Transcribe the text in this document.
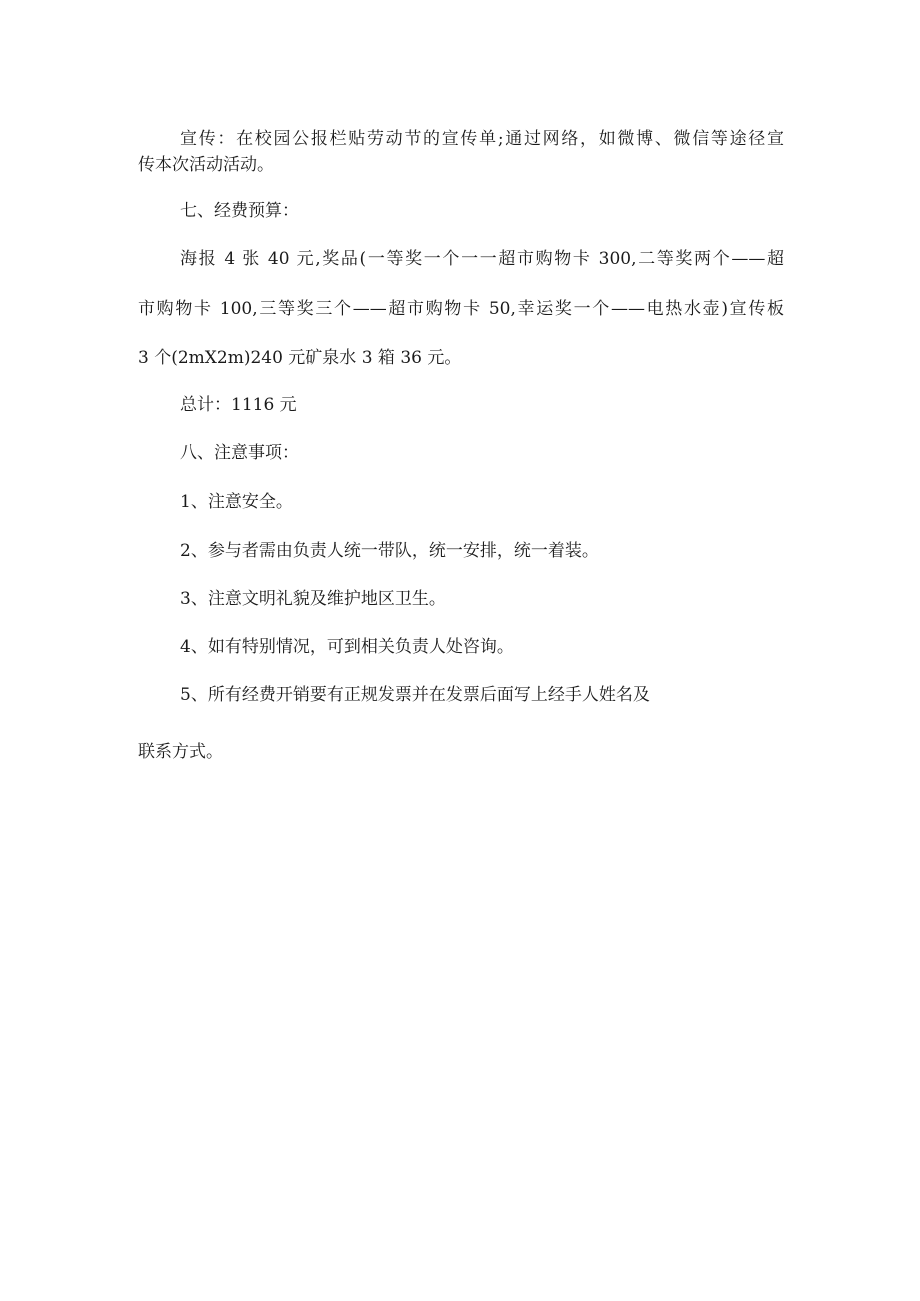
宣传：在校园公报栏贴劳动节的宣传单;通过网络，如微博、微信等途径宣

传本次活动活动。

七、经费预算：

海报 4 张 40 元,奖品(一等奖一个一一超市购物卡 300,二等奖两个——超

市购物卡 100,三等奖三个——超市购物卡 50,幸运奖一个——电热水壶)宣传板

3 个(2mX2m)240 元矿泉水 3 箱 36 元。

总计：1116 元

八、注意事项：

1、注意安全。

2、参与者需由负责人统一带队，统一安排，统一着装。

3、注意文明礼貌及维护地区卫生。

4、如有特别情况，可到相关负责人处咨询。

5、所有经费开销要有正规发票并在发票后面写上经手人姓名及

联系方式。
